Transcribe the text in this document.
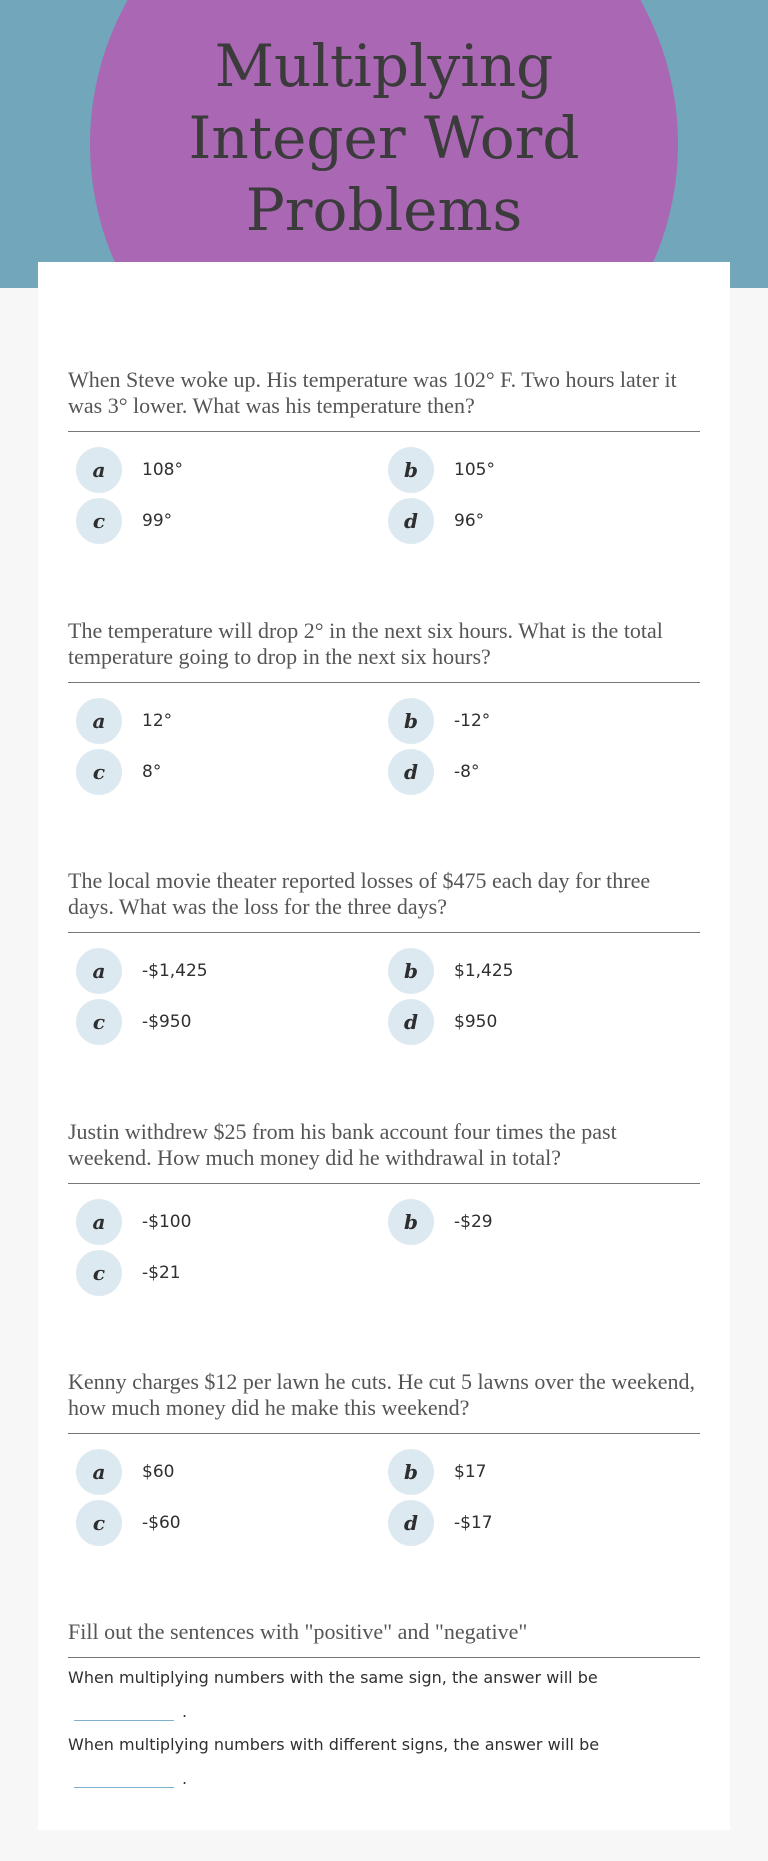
Multiplying Integer Word Problems

When Steve woke up. His temperature was 102° F. Two hours later it was 3° lower. What was his temperature then?

a	108°	b	105°
c	99°	d	96°

The temperature will drop 2° in the next six hours. What is the total temperature going to drop in the next six hours?

a	12°	b	-12°
c	8°	d	-8°

The local movie theater reported losses of $475 each day for three days. What was the loss for the three days?

a	-$1,425	b	$1,425
c	-$950	d	$950

Justin withdrew $25 from his bank account four times the past weekend. How much money did he withdrawal in total?

a	-$100	b	-$29
c	-$21

Kenny charges $12 per lawn he cuts. He cut 5 lawns over the weekend, how much money did he make this weekend?

a	$60	b	$17
c	-$60	d	-$17

Fill out the sentences with "positive" and "negative"

When multiplying numbers with the same sign, the answer will be

.

When multiplying numbers with different signs, the answer will be

.
